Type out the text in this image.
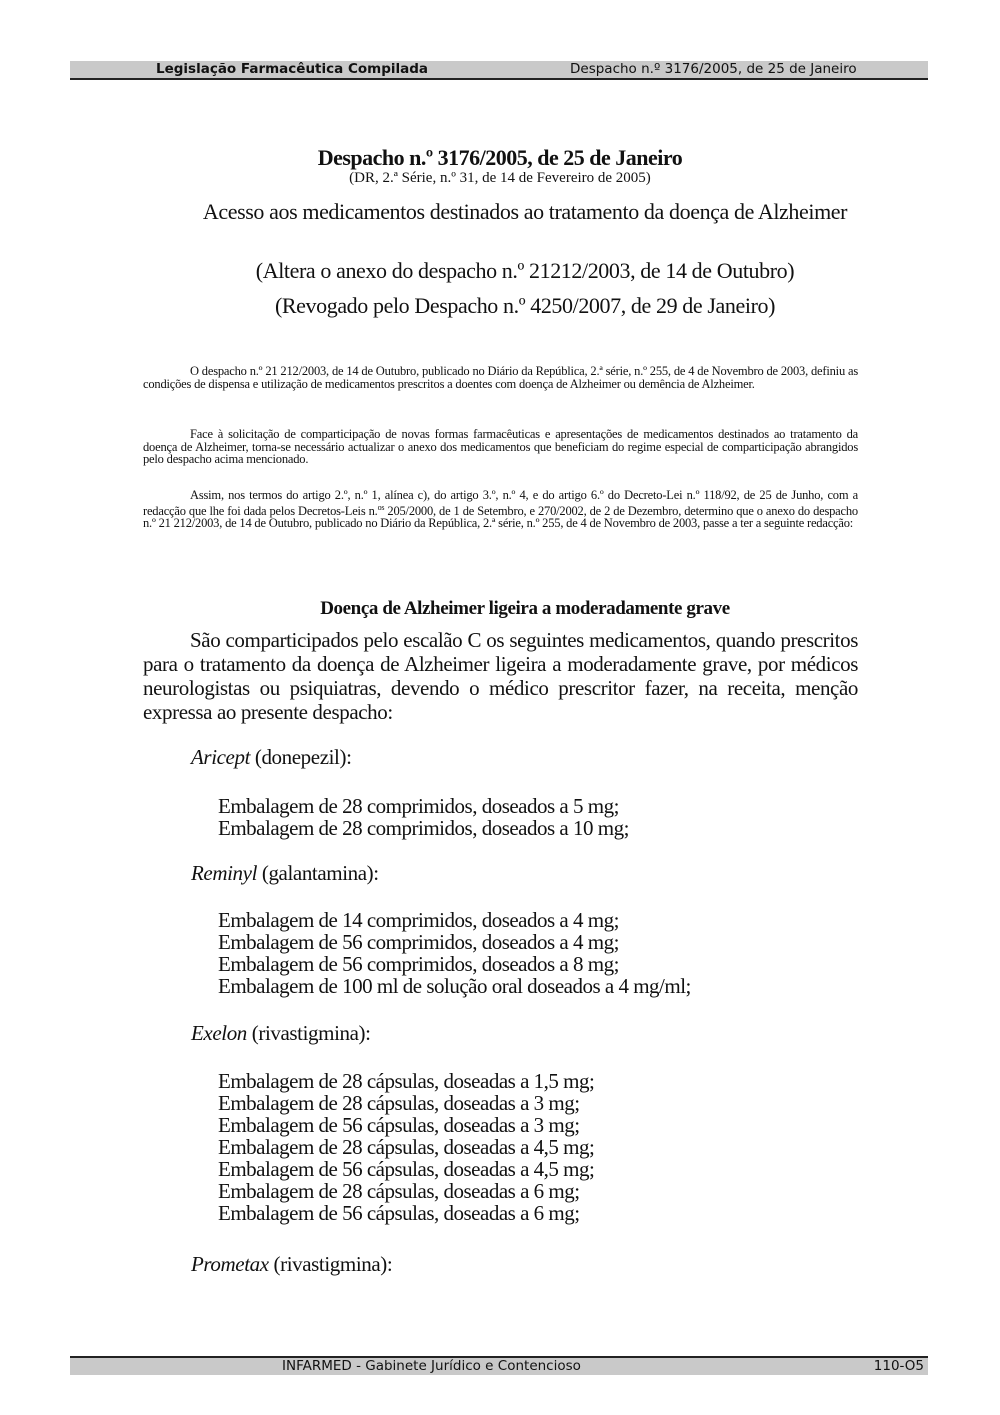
Legislação Farmacêutica Compilada	Despacho n.º 3176/2005, de 25 de Janeiro
Despacho n.º 3176/2005, de 25 de Janeiro
(DR, 2.ª Série, n.º 31, de 14 de Fevereiro de 2005)
Acesso aos medicamentos destinados ao tratamento da doença de Alzheimer
(Altera o anexo do despacho n.º 21212/2003, de 14 de Outubro)
(Revogado pelo Despacho n.º 4250/2007, de 29 de Janeiro)
O despacho n.º 21 212/2003, de 14 de Outubro, publicado no Diário da República, 2.ª série, n.º 255, de 4 de Novembro de 2003, definiu as condições de dispensa e utilização de medicamentos prescritos a doentes com doença de Alzheimer ou demência de Alzheimer.
Face à solicitação de comparticipação de novas formas farmacêuticas e apresentações de medicamentos destinados ao tratamento da doença de Alzheimer, torna-se necessário actualizar o anexo dos medicamentos que beneficiam do regime especial de comparticipação abrangidos pelo despacho acima mencionado.
Assim, nos termos do artigo 2.º, n.º 1, alínea c), do artigo 3.º, n.º 4, e do artigo 6.º do Decreto-Lei n.º 118/92, de 25 de Junho, com a redacção que lhe foi dada pelos Decretos-Leis n.$^{os}$ 205/2000, de 1 de Setembro, e 270/2002, de 2 de Dezembro, determino que o anexo do despacho n.º 21 212/2003, de 14 de Outubro, publicado no Diário da República, 2.ª série, n.º 255, de 4 de Novembro de 2003, passe a ter a seguinte redacção:
Doença de Alzheimer ligeira a moderadamente grave
São comparticipados pelo escalão C os seguintes medicamentos, quando prescritos para o tratamento da doença de Alzheimer ligeira a moderadamente grave, por médicos neurologistas ou psiquiatras, devendo o médico prescritor fazer, na receita, menção expressa ao presente despacho:
Aricept (donepezil):
Embalagem de 28 comprimidos, doseados a 5 mg;
Embalagem de 28 comprimidos, doseados a 10 mg;
Reminyl (galantamina):
Embalagem de 14 comprimidos, doseados a 4 mg;
Embalagem de 56 comprimidos, doseados a 4 mg;
Embalagem de 56 comprimidos, doseados a 8 mg;
Embalagem de 100 ml de solução oral doseados a 4 mg/ml;
Exelon (rivastigmina):
Embalagem de 28 cápsulas, doseadas a 1,5 mg;
Embalagem de 28 cápsulas, doseadas a 3 mg;
Embalagem de 56 cápsulas, doseadas a 3 mg;
Embalagem de 28 cápsulas, doseadas a 4,5 mg;
Embalagem de 56 cápsulas, doseadas a 4,5 mg;
Embalagem de 28 cápsulas, doseadas a 6 mg;
Embalagem de 56 cápsulas, doseadas a 6 mg;
Prometax (rivastigmina):
INFARMED - Gabinete Jurídico e Contencioso	110-O5
